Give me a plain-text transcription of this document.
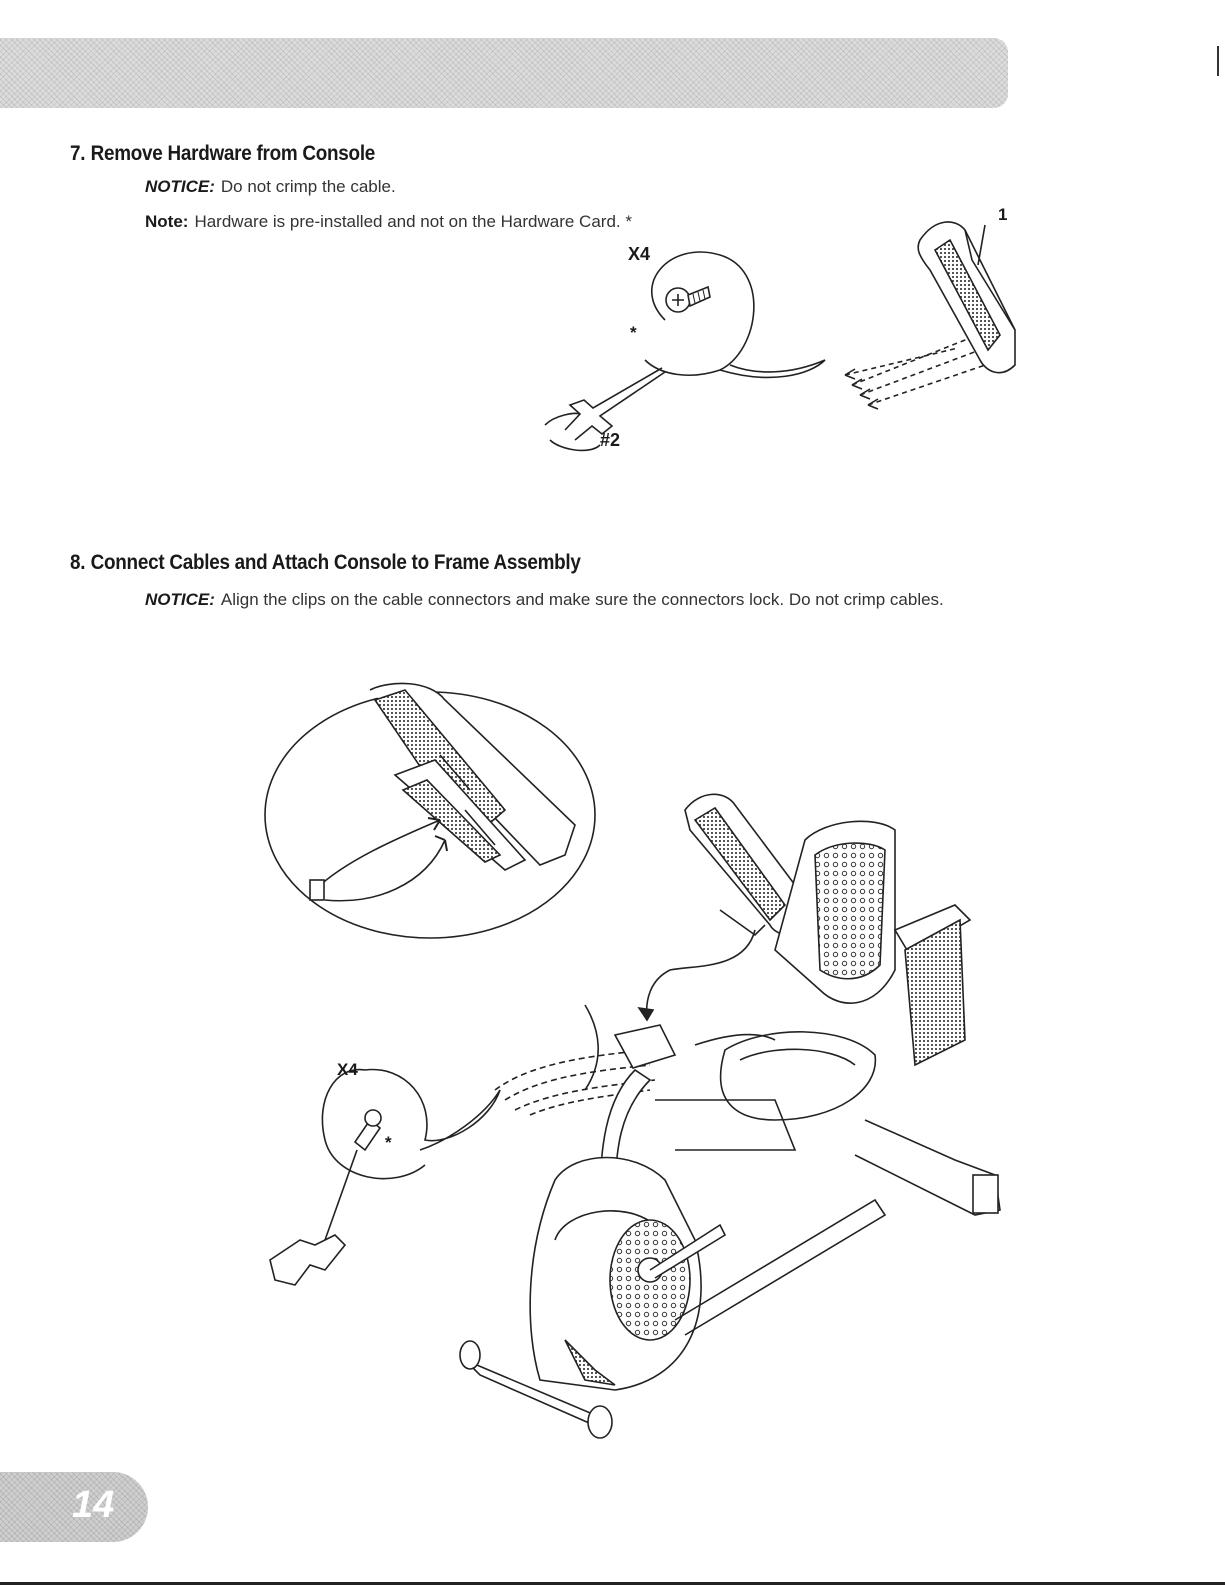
7. Remove Hardware from Console

NOTICE: Do not crimp the cable.

Note: Hardware is pre-installed and not on the Hardware Card. *

*
X4
#2
1
8. Connect Cables and Attach Console to Frame Assembly

NOTICE: Align the clips on the cable connectors and make sure the connectors lock. Do not crimp cables.

X4
*
14
